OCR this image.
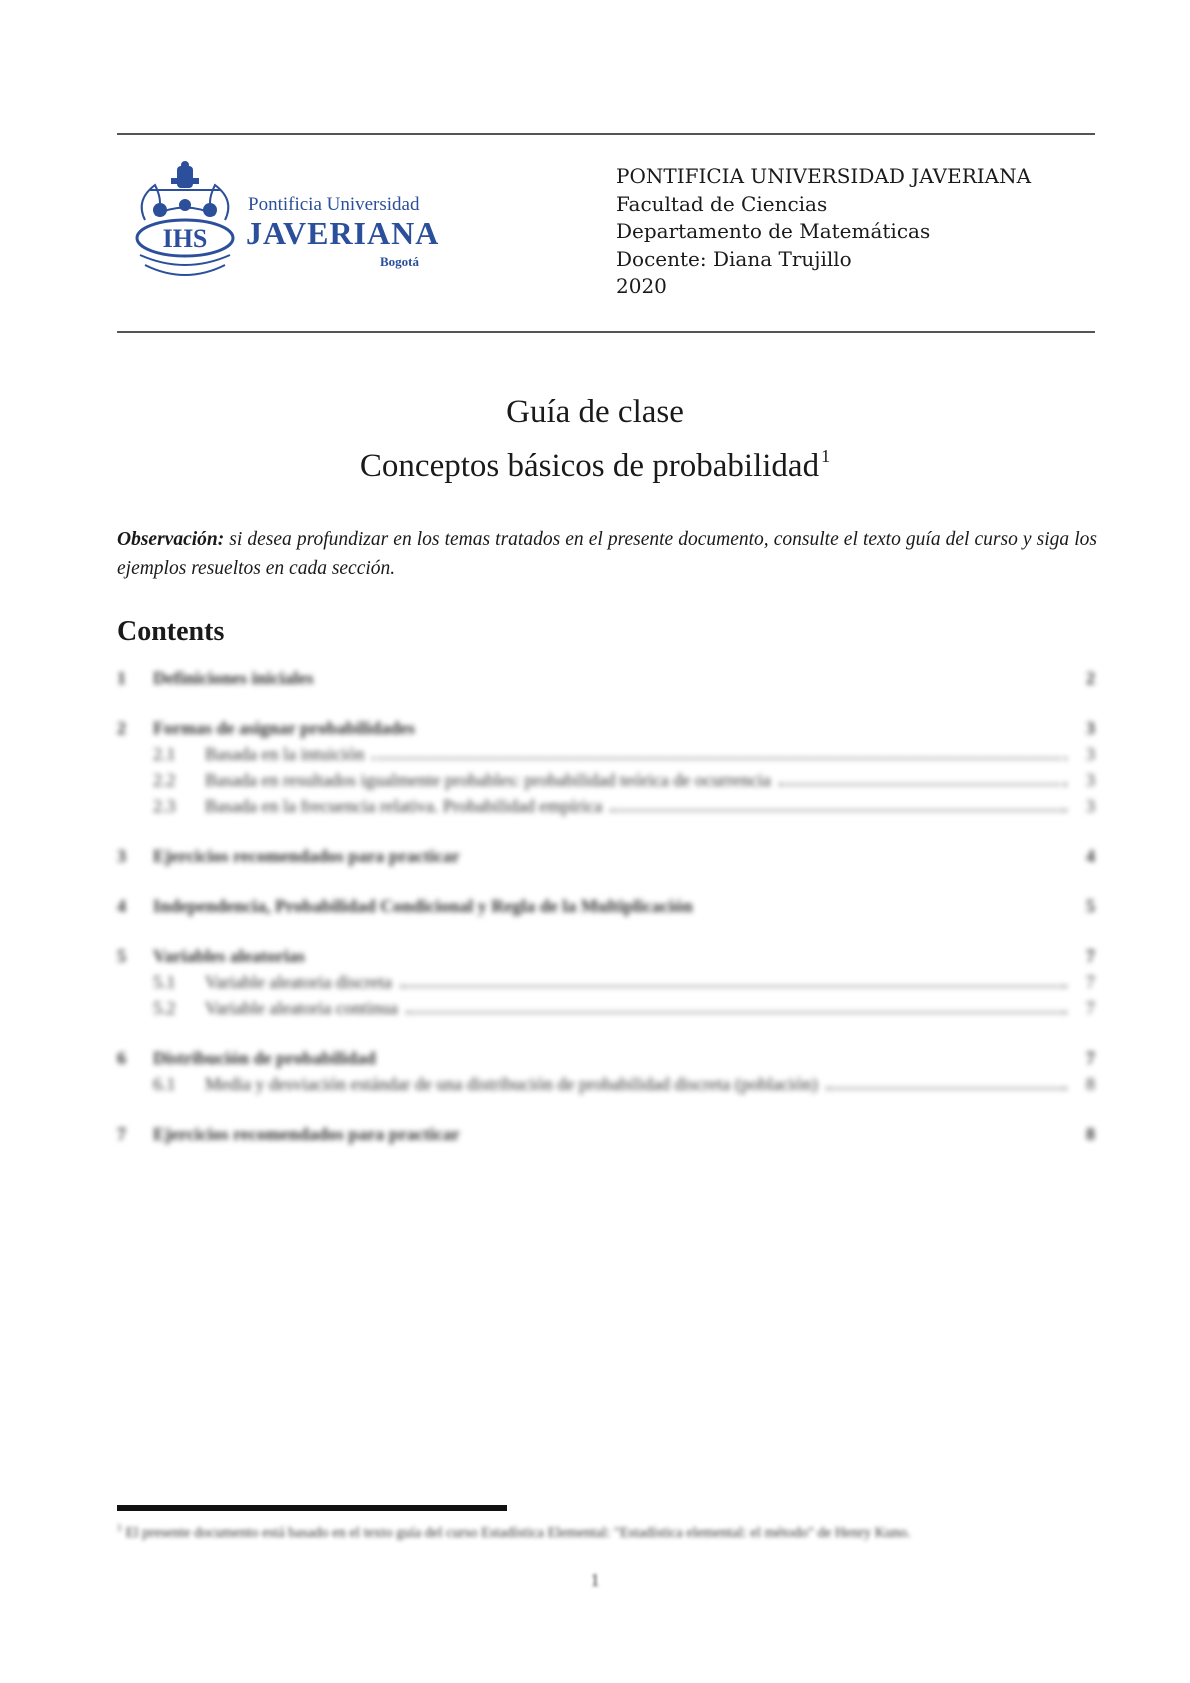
IHS
Pontificia Universidad
JAVERIANA
Bogotá
PONTIFICIA UNIVERSIDAD JAVERIANA
Facultad de Ciencias
Departamento de Matemáticas
Docente: Diana Trujillo
2020
Guía de clase
Conceptos básicos de probabilidad $^1$
Observación: si desea profundizar en los temas tratados en el presente documento, consulte el texto guía del curso y siga los ejemplos resueltos en cada sección.
Contents
1	Definiciones iniciales	2
2	Formas de asignar probabilidades	3
2.1	Basada en la intuición	3
2.2	Basada en resultados igualmente probables: probabilidad teórica de ocurrencia	3
2.3	Basada en la frecuencia relativa. Probabilidad empírica	3
3	Ejercicios recomendados para practicar	4
4	Independencia, Probabilidad Condicional y Regla de la Multiplicación	5
5	Variables aleatorias	7
5.1	Variable aleatoria discreta	7
5.2	Variable aleatoria continua	7
6	Distribución de probabilidad	7
6.1	Media y desviación estándar de una distribución de probabilidad discreta (población)	8
7	Ejercicios recomendados para practicar	8
$^1$ El presente documento está basado en el texto guía del curso Estadística Elemental: "Estadística elemental: el método" de Henry Kuno.
1
